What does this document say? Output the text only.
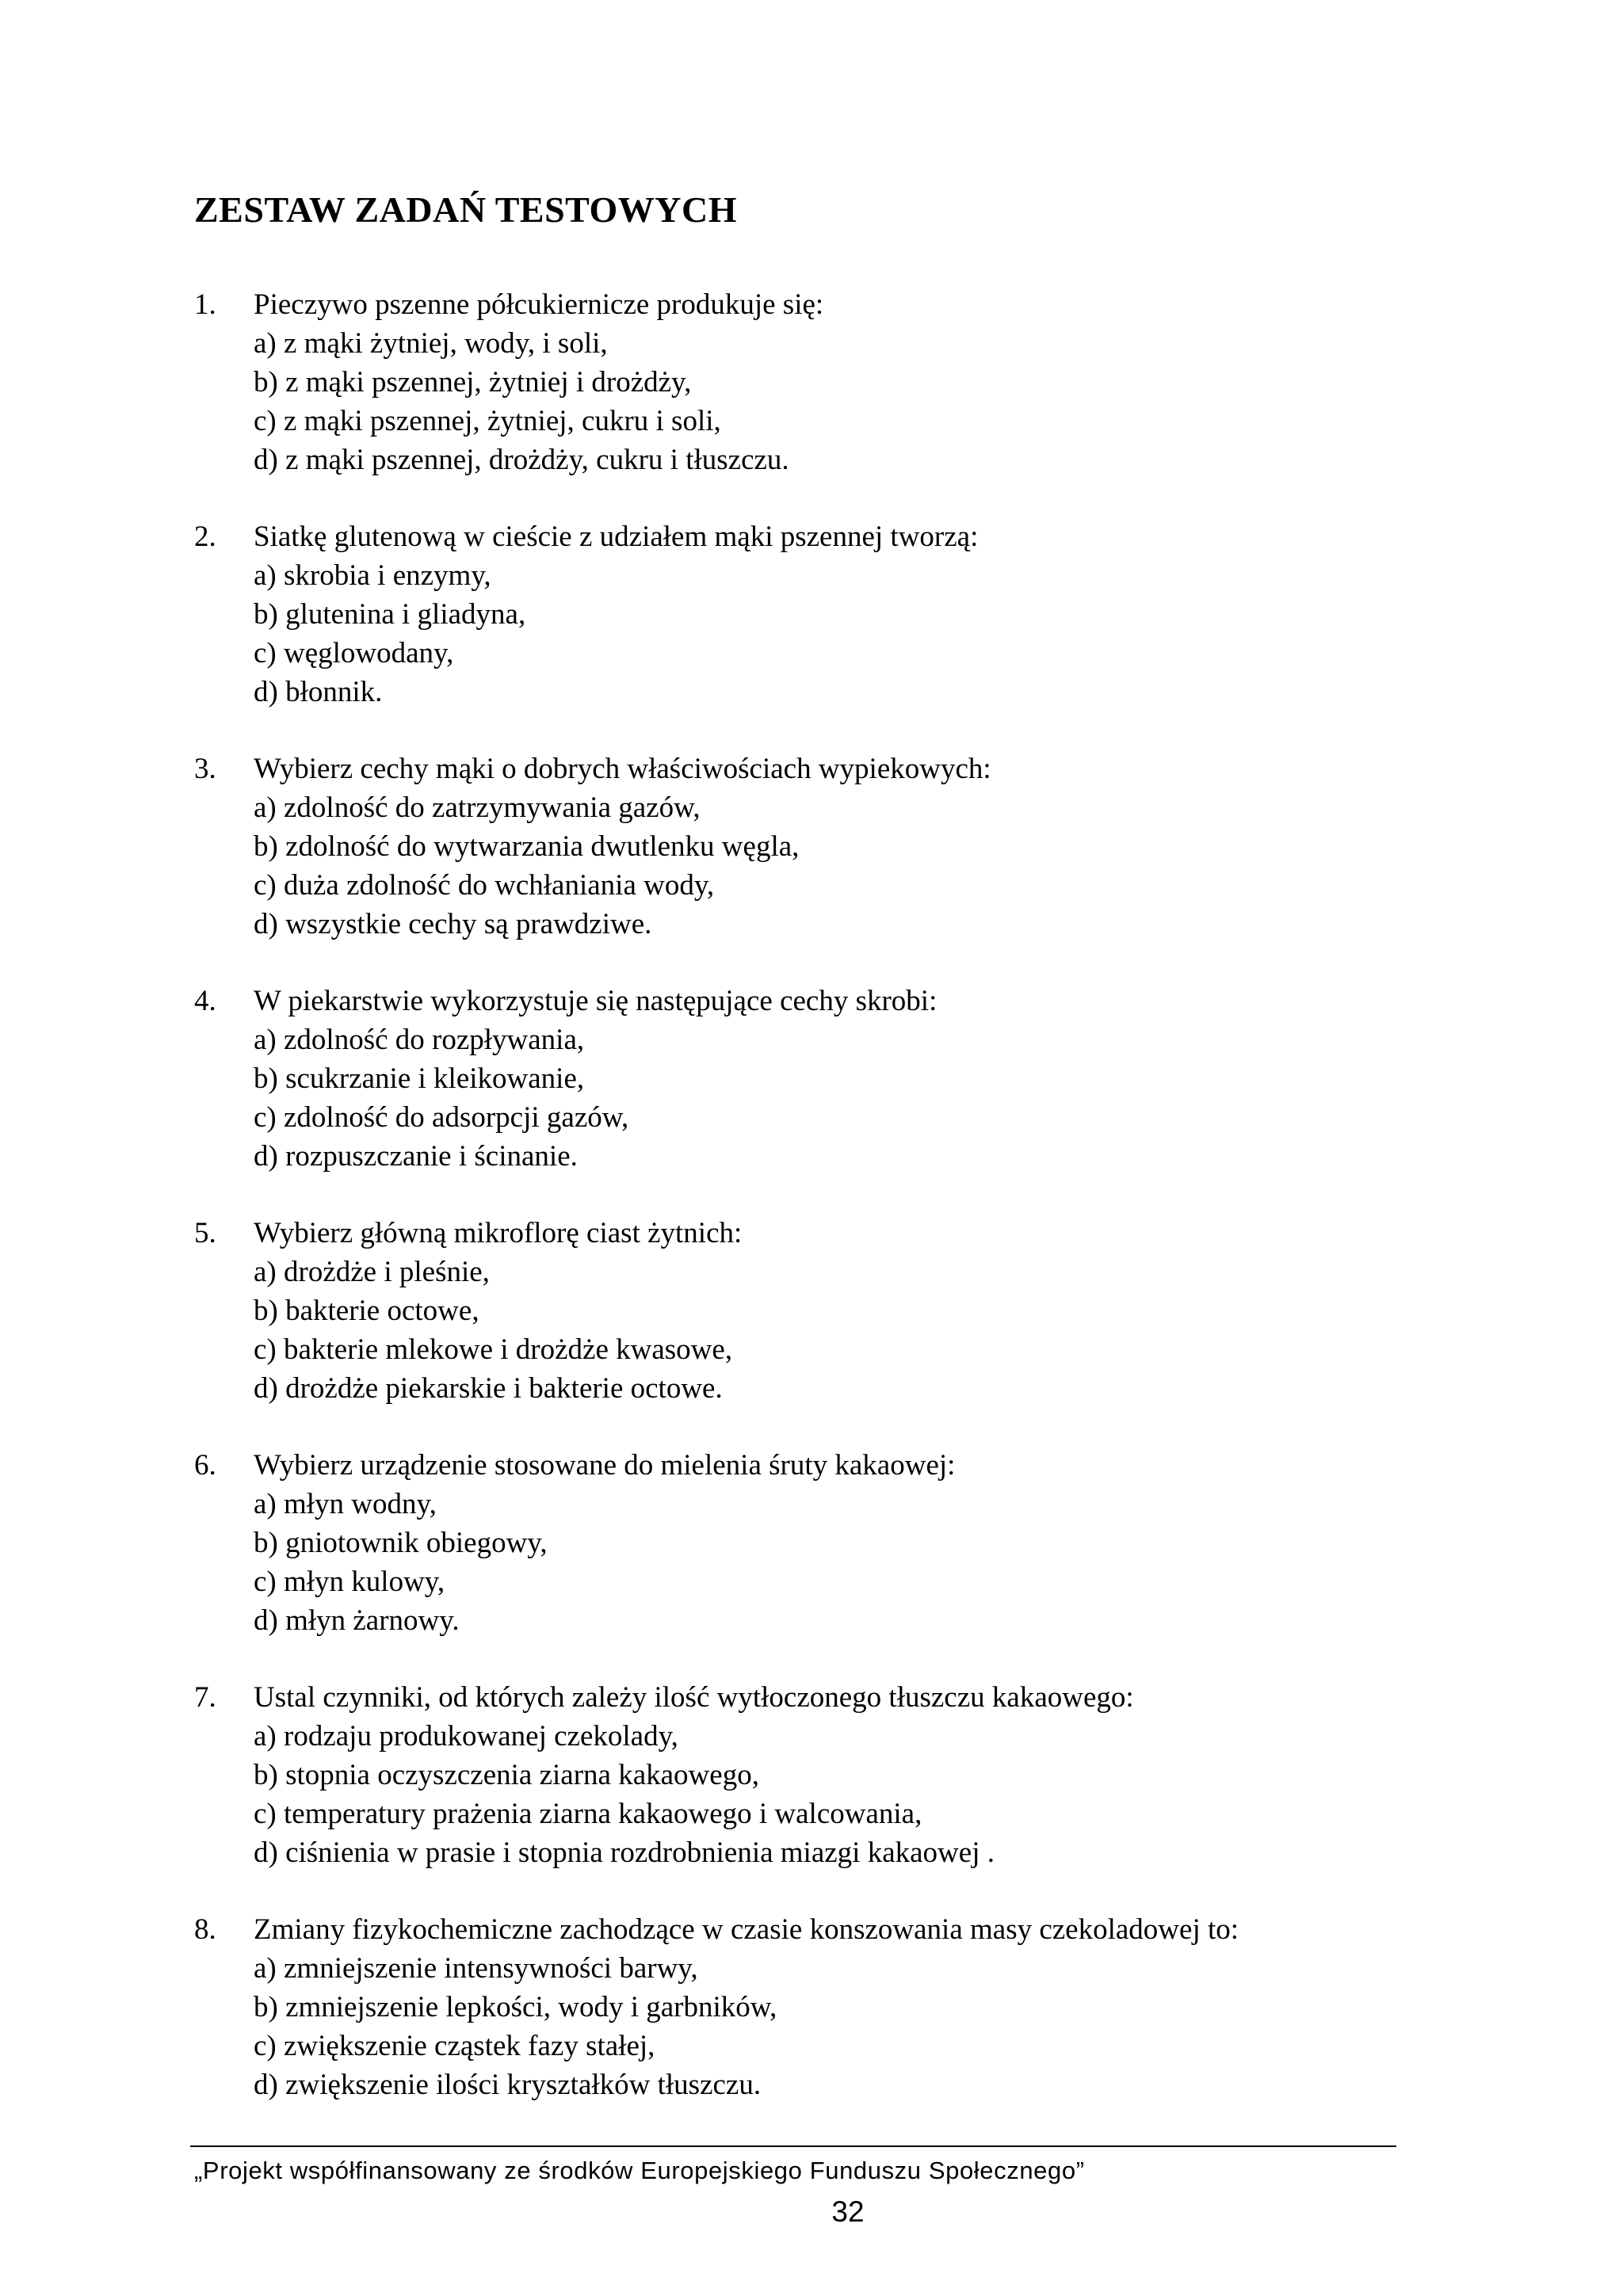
ZESTAW ZADAŃ TESTOWYCH
1. Pieczywo pszenne półcukiernicze produkuje się:
a) z mąki żytniej, wody, i soli,
b) z mąki pszennej, żytniej i drożdży,
c) z mąki pszennej, żytniej, cukru i soli,
d) z mąki pszennej, drożdży, cukru i tłuszczu.
2. Siatkę glutenową w cieście z udziałem mąki pszennej tworzą:
a) skrobia i enzymy,
b) glutenina i gliadyna,
c) węglowodany,
d) błonnik.
3. Wybierz cechy mąki o dobrych właściwościach wypiekowych:
a) zdolność do zatrzymywania gazów,
b) zdolność do wytwarzania dwutlenku węgla,
c) duża zdolność do wchłaniania wody,
d) wszystkie cechy są prawdziwe.
4. W piekarstwie wykorzystuje się następujące cechy skrobi:
a) zdolność do rozpływania,
b) scukrzanie i kleikowanie,
c) zdolność do adsorpcji gazów,
d) rozpuszczanie i ścinanie.
5. Wybierz główną mikroflorę ciast żytnich:
a) drożdże i pleśnie,
b) bakterie octowe,
c) bakterie mlekowe i drożdże kwasowe,
d) drożdże piekarskie i bakterie octowe.
6. Wybierz urządzenie stosowane do mielenia śruty kakaowej:
a) młyn wodny,
b) gniotownik obiegowy,
c) młyn kulowy,
d) młyn żarnowy.
7. Ustal czynniki, od których zależy ilość wytłoczonego tłuszczu kakaowego:
a) rodzaju produkowanej czekolady,
b) stopnia oczyszczenia ziarna kakaowego,
c) temperatury prażenia ziarna kakaowego i walcowania,
d) ciśnienia w prasie i stopnia rozdrobnienia miazgi kakaowej .
8. Zmiany fizykochemiczne zachodzące w czasie konszowania masy czekoladowej to:
a) zmniejszenie intensywności barwy,
b) zmniejszenie lepkości, wody i garbników,
c) zwiększenie cząstek fazy stałej,
d) zwiększenie ilości kryształków tłuszczu.
„Projekt współfinansowany ze środków Europejskiego Funduszu Społecznego”
32
